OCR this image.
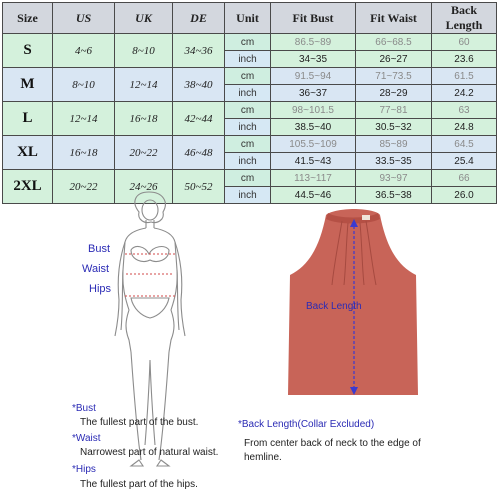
Size	US	UK	DE	Unit	Fit Bust	Fit Waist	Back Length
S	4~6	8~10	34~36	cm	86.5~89	66~68.5	60
				inch	34~35	26~27	23.6
M	8~10	12~14	38~40	cm	91.5~94	71~73.5	61.5
				inch	36~37	28~29	24.2
L	12~14	16~18	42~44	cm	98~101.5	77~81	63
				inch	38.5~40	30.5~32	24.8
XL	16~18	20~22	46~48	cm	105.5~109	85~89	64.5
				inch	41.5~43	33.5~35	25.4
2XL	20~22	24~26	50~52	cm	113~117	93~97	66
				inch	44.5~46	36.5~38	26.0
Bust
Waist
Hips
Back Length
*Bust
The fullest part of the bust.
*Waist
Narrowest part of natural waist.
*Hips
The fullest part of the hips.
*Back Length(Collar Excluded)
From center back of neck to the edge of
hemline.
